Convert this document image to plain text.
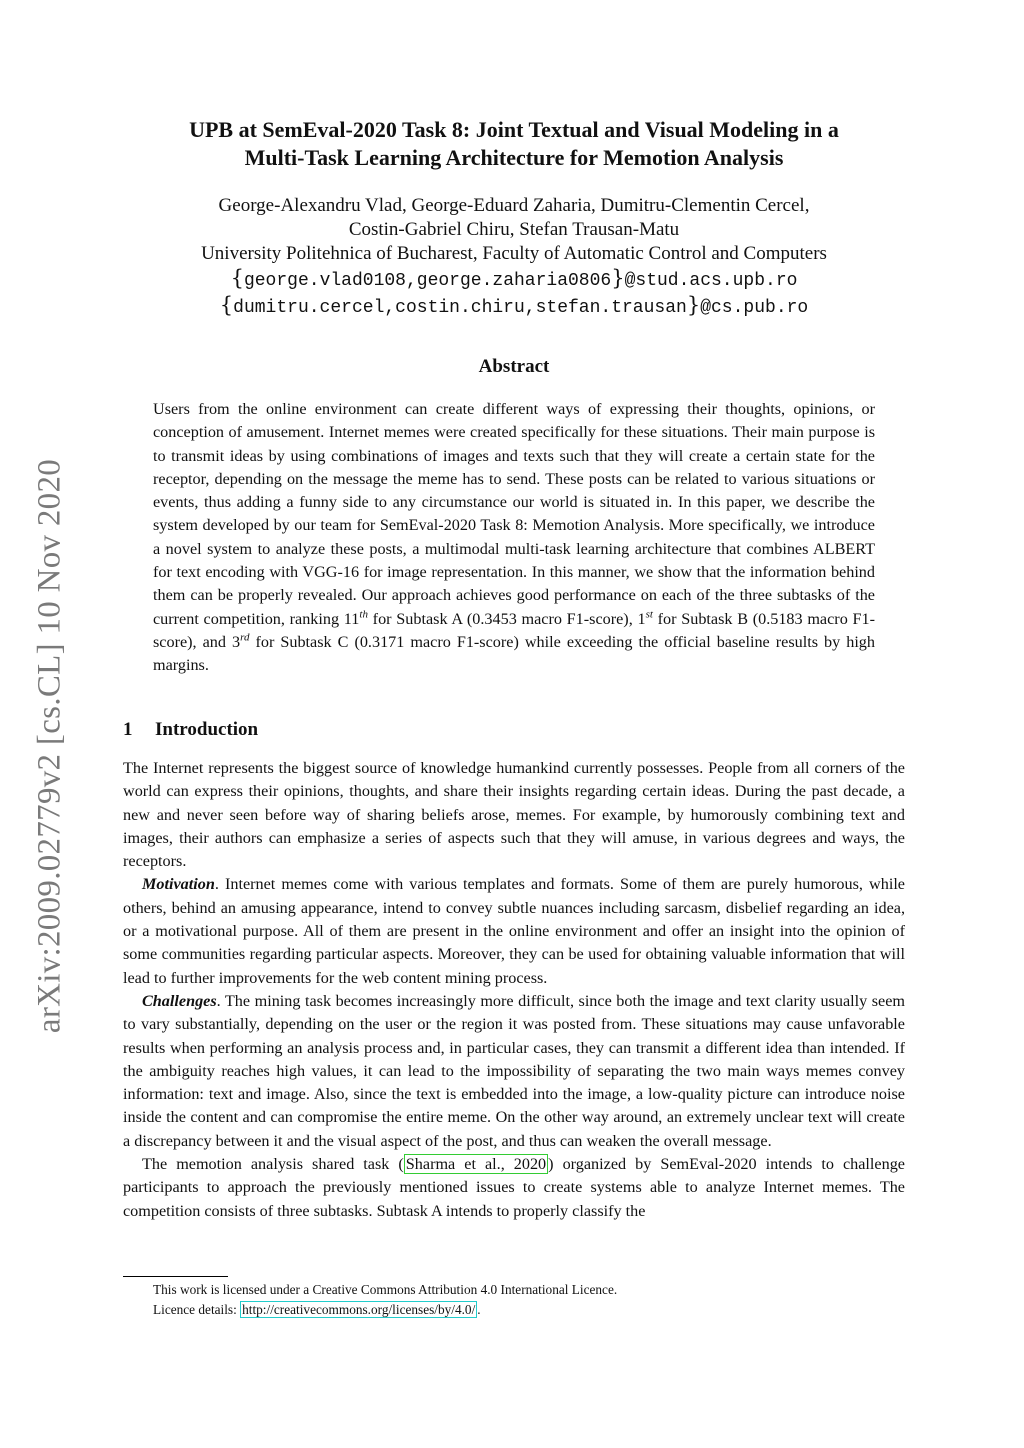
arXiv:2009.02779v2 [cs.CL] 10 Nov 2020
UPB at SemEval-2020 Task 8: Joint Textual and Visual Modeling in a
Multi-Task Learning Architecture for Memotion Analysis
George-Alexandru Vlad, George-Eduard Zaharia, Dumitru-Clementin Cercel,
Costin-Gabriel Chiru, Stefan Trausan-Matu
University Politehnica of Bucharest, Faculty of Automatic Control and Computers
{george.vlad0108,george.zaharia0806}@stud.acs.upb.ro
{dumitru.cercel,costin.chiru,stefan.trausan}@cs.pub.ro
Abstract

Users from the online environment can create different ways of expressing their thoughts, opinions, or conception of amusement. Internet memes were created specifically for these situations. Their main purpose is to transmit ideas by using combinations of images and texts such that they will create a certain state for the receptor, depending on the message the meme has to send. These posts can be related to various situations or events, thus adding a funny side to any circumstance our world is situated in. In this paper, we describe the system developed by our team for SemEval-2020 Task 8: Memotion Analysis. More specifically, we introduce a novel system to analyze these posts, a multimodal multi-task learning architecture that combines ALBERT for text encoding with VGG-16 for image representation. In this manner, we show that the information behind them can be properly revealed. Our approach achieves good performance on each of the three subtasks of the current competition, ranking 11th for Subtask A (0.3453 macro F1-score), 1st for Subtask B (0.5183 macro F1-score), and 3rd for Subtask C (0.3171 macro F1-score) while exceeding the official baseline results by high margins.

1 Introduction

The Internet represents the biggest source of knowledge humankind currently possesses. People from all corners of the world can express their opinions, thoughts, and share their insights regarding certain ideas. During the past decade, a new and never seen before way of sharing beliefs arose, memes. For example, by humorously combining text and images, their authors can emphasize a series of aspects such that they will amuse, in various degrees and ways, the receptors.

Motivation. Internet memes come with various templates and formats. Some of them are purely humorous, while others, behind an amusing appearance, intend to convey subtle nuances including sarcasm, disbelief regarding an idea, or a motivational purpose. All of them are present in the online environment and offer an insight into the opinion of some communities regarding particular aspects. Moreover, they can be used for obtaining valuable information that will lead to further improvements for the web content mining process.

Challenges. The mining task becomes increasingly more difficult, since both the image and text clarity usually seem to vary substantially, depending on the user or the region it was posted from. These situations may cause unfavorable results when performing an analysis process and, in particular cases, they can transmit a different idea than intended. If the ambiguity reaches high values, it can lead to the impossibility of separating the two main ways memes convey information: text and image. Also, since the text is embedded into the image, a low-quality picture can introduce noise inside the content and can compromise the entire meme. On the other way around, an extremely unclear text will create a discrepancy between it and the visual aspect of the post, and thus can weaken the overall message.

The memotion analysis shared task ( Sharma et al., 2020 ) organized by SemEval-2020 intends to challenge participants to approach the previously mentioned issues to create systems able to analyze Internet memes. The competition consists of three subtasks. Subtask A intends to properly classify the

This work is licensed under a Creative Commons Attribution 4.0 International Licence.
Licence details: http://creativecommons.org/licenses/by/4.0/ .
